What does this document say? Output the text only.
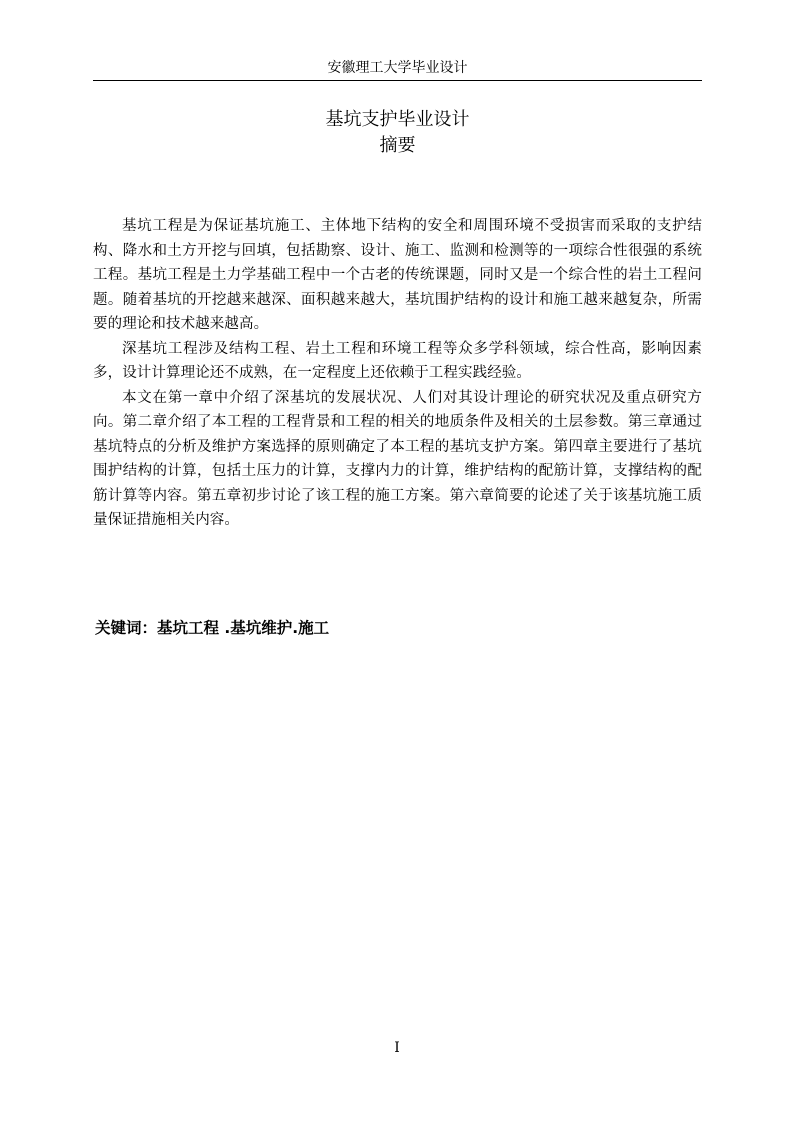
安徽理工大学毕业设计
基坑支护毕业设计
摘要

基坑工程是为保证基坑施工、主体地下结构的安全和周围环境不受损害而采取的支护结构、降水和土方开挖与回填，包括勘察、设计、施工、监测和检测等的一项综合性很强的系统工程。基坑工程是土力学基础工程中一个古老的传统课题，同时又是一个综合性的岩土工程问题。随着基坑的开挖越来越深、面积越来越大，基坑围护结构的设计和施工越来越复杂，所需要的理论和技术越来越高。

深基坑工程涉及结构工程、岩土工程和环境工程等众多学科领域，综合性高，影响因素多，设计计算理论还不成熟，在一定程度上还依赖于工程实践经验。

本文在第一章中介绍了深基坑的发展状况、人们对其设计理论的研究状况及重点研究方向。第二章介绍了本工程的工程背景和工程的相关的地质条件及相关的土层参数。第三章通过基坑特点的分析及维护方案选择的原则确定了本工程的基坑支护方案。第四章主要进行了基坑围护结构的计算，包括土压力的计算，支撑内力的计算，维护结构的配筋计算，支撑结构的配筋计算等内容。第五章初步讨论了该工程的施工方案。第六章简要的论述了关于该基坑施工质量保证措施相关内容。

关键词：基坑工程 .基坑维护.施工
I
